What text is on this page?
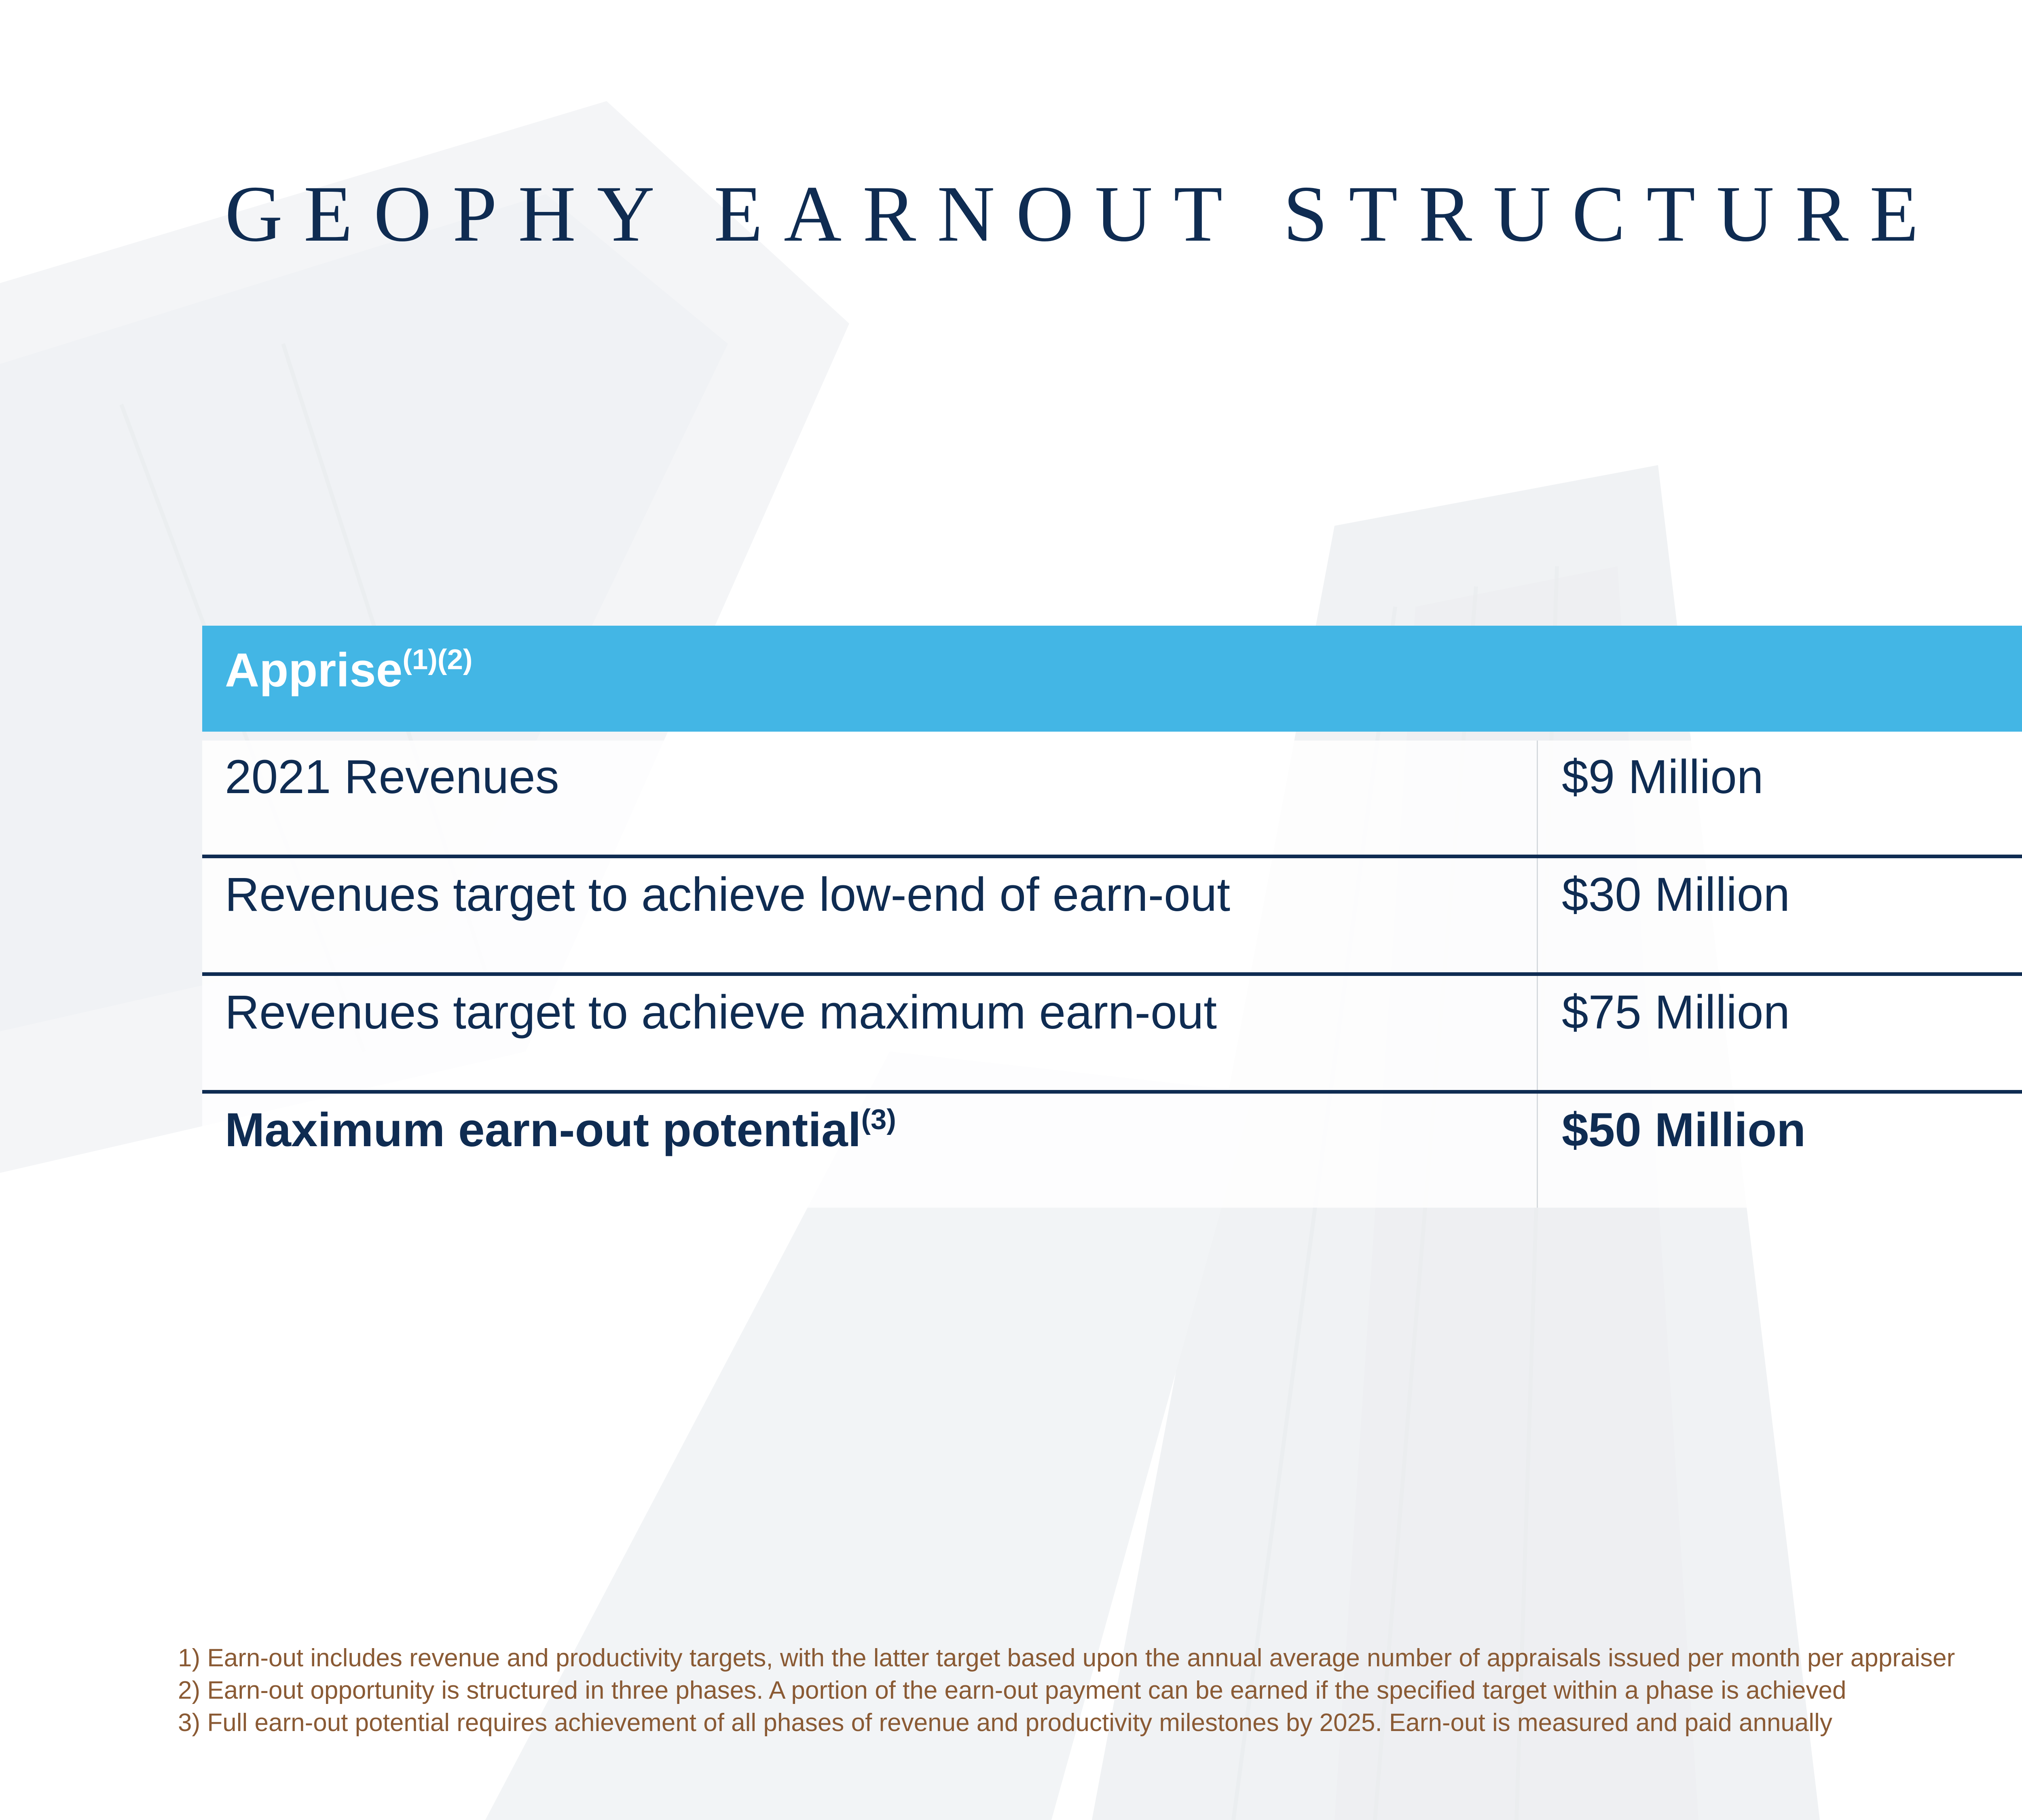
GEOPHY EARNOUT STRUCTURE
Apprise$^{(1)(2)}$
2021 Revenues	$9 Million
Revenues target to achieve low-end of earn-out	$30 Million
Revenues target to achieve maximum earn-out	$75 Million
Maximum earn-out potential$^{(3)}$	$50 Million
1) Earn-out includes revenue and productivity targets, with the latter target based upon the annual average number of appraisals issued per month per appraiser
2) Earn-out opportunity is structured in three phases. A portion of the earn-out payment can be earned if the specified target within a phase is achieved
3) Full earn-out potential requires achievement of all phases of revenue and productivity milestones by 2025. Earn-out is measured and paid annually
